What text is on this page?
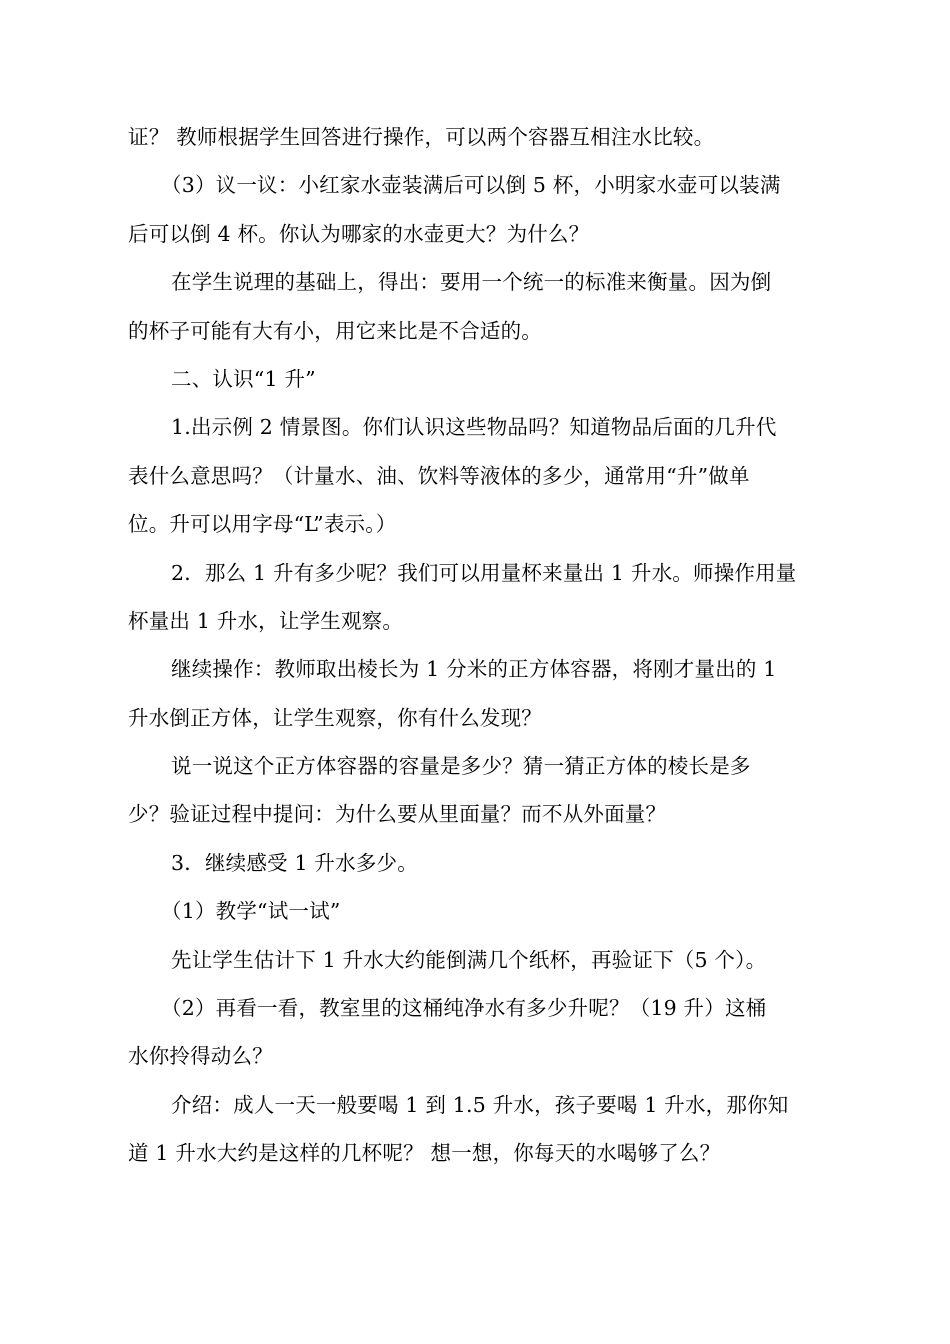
证？ 教师根据学生回答进行操作，可以两个容器互相注水比较。
（3）议一议：小红家水壶装满后可以倒 5 杯，小明家水壶可以装满
后可以倒 4 杯。你认为哪家的水壶更大？为什么？
在学生说理的基础上，得出：要用一个统一的标准来衡量。因为倒
的杯子可能有大有小，用它来比是不合适的。
二、认识“1 升”
1.出示例 2 情景图。你们认识这些物品吗？知道物品后面的几升代
表什么意思吗？（计量水、油、饮料等液体的多少，通常用“升”做单
位。升可以用字母“L”表示。）
2．那么 1 升有多少呢？我们可以用量杯来量出 1 升水。师操作用量
杯量出 1 升水，让学生观察。
继续操作：教师取出棱长为 1 分米的正方体容器，将刚才量出的 1
升水倒正方体，让学生观察，你有什么发现？
说一说这个正方体容器的容量是多少？猜一猜正方体的棱长是多
少？验证过程中提问：为什么要从里面量？而不从外面量？
3．继续感受 1 升水多少。
（1）教学“试一试”
先让学生估计下 1 升水大约能倒满几个纸杯，再验证下（5 个）。
（2）再看一看，教室里的这桶纯净水有多少升呢？（19 升）这桶
水你拎得动么？
介绍：成人一天一般要喝 1 到 1.5 升水，孩子要喝 1 升水，那你知
道 1 升水大约是这样的几杯呢？ 想一想，你每天的水喝够了么？
